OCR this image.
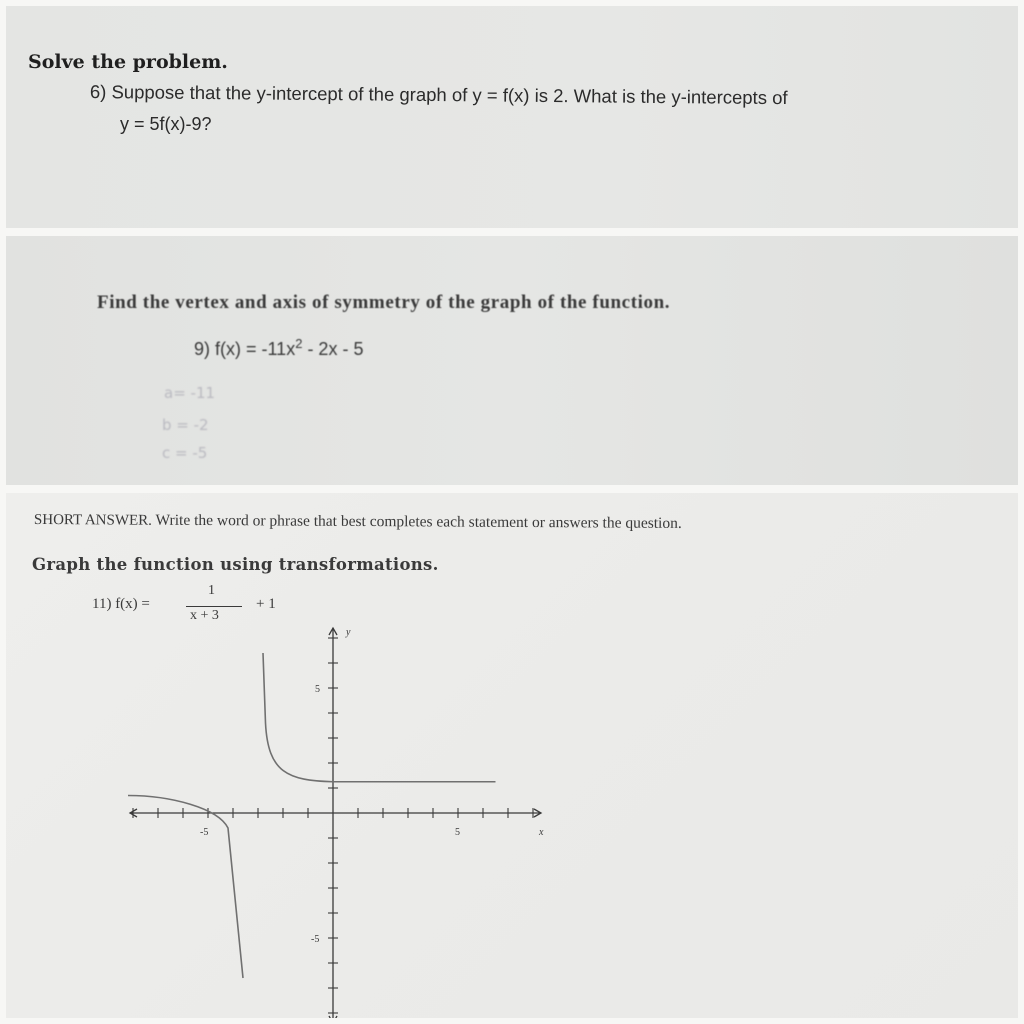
Solve the problem.
6) Suppose that the y-intercept of the graph of y = f(x) is 2. What is the y-intercepts of
y = 5f(x)-9?
Find the vertex and axis of symmetry of the graph of the function.
9) $f(x) = -11x^2 - 2x - 5$
a= -11
b = -2
c = -5
SHORT ANSWER. Write the word or phrase that best completes each statement or answers the question.
Graph the function using transformations.
11) f(x) =
1
x + 3
+ 1
x
y
-5	5
5
-5
